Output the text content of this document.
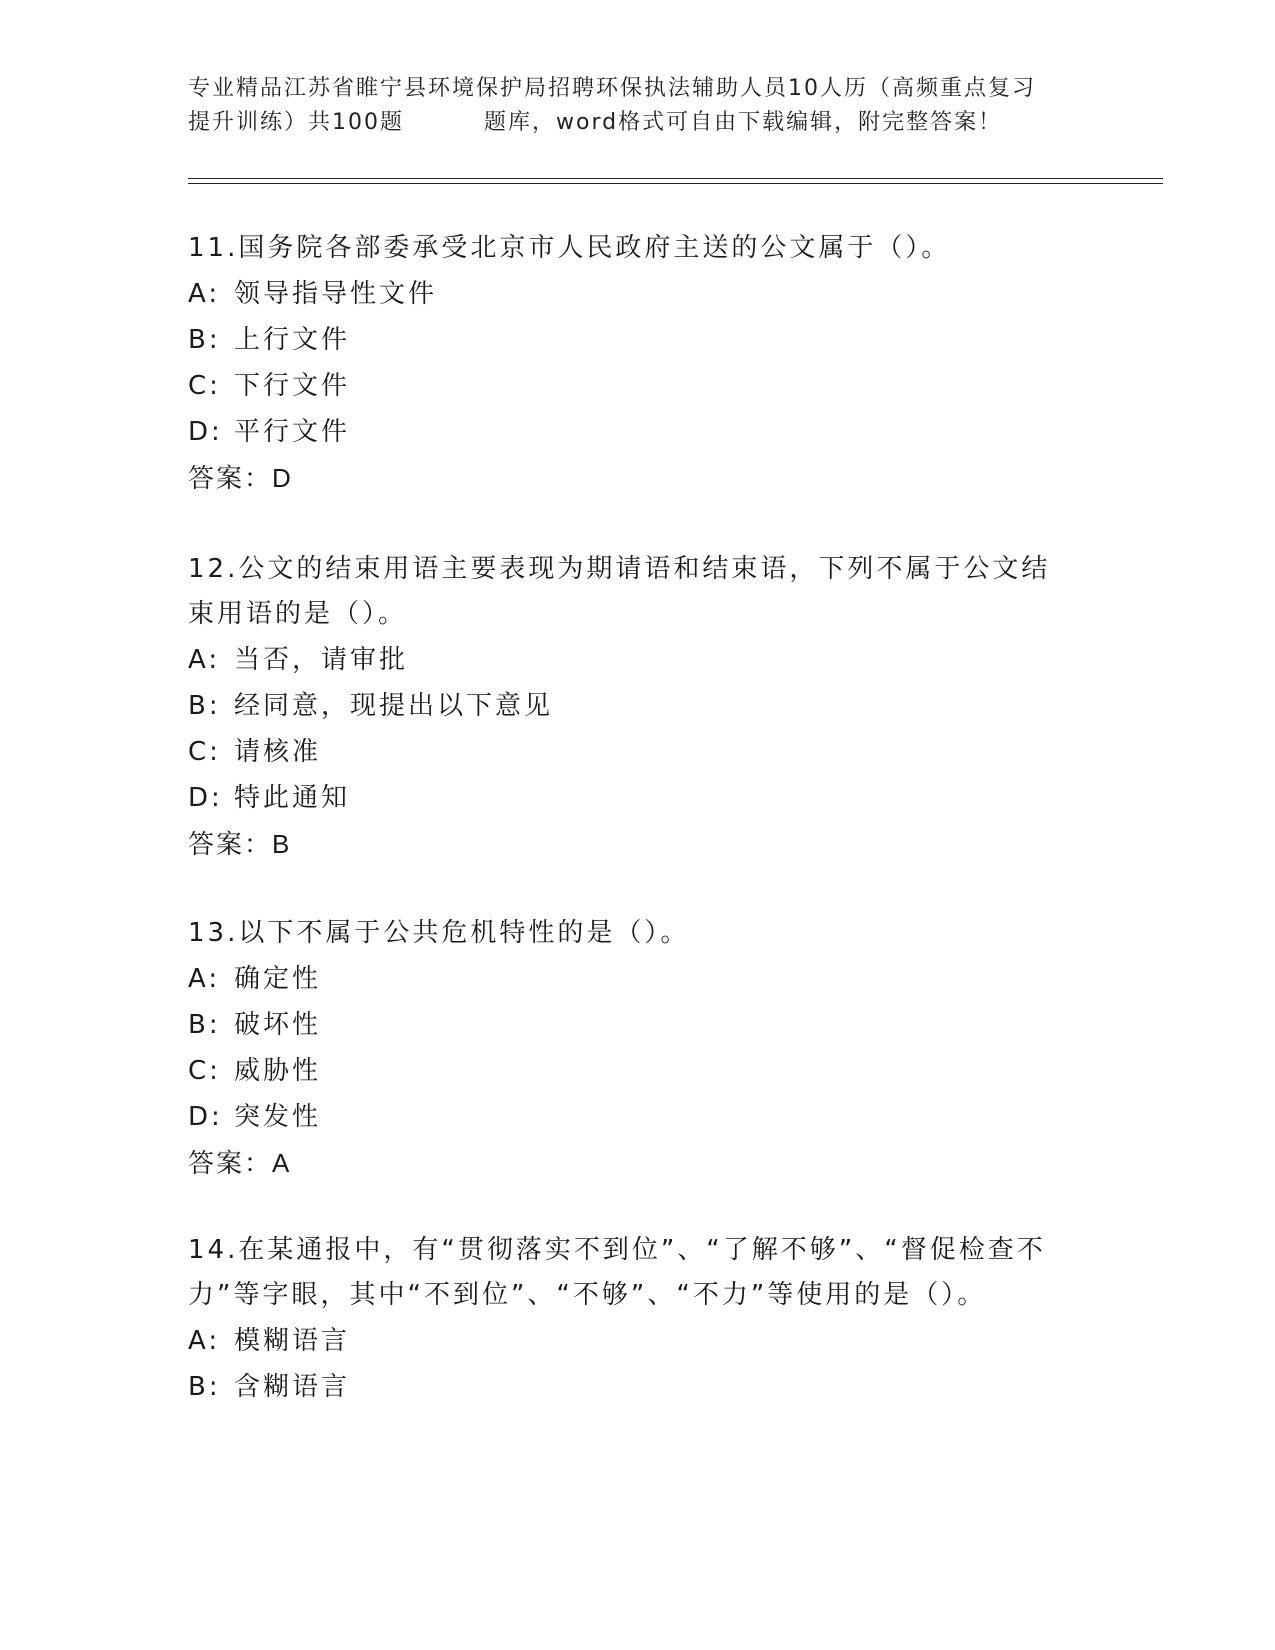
专业精品江苏省睢宁县环境保护局招聘环保执法辅助人员10人历（高频重点复习
提升训练）共100题	题库，word格式可自由下载编辑，附完整答案！
11.国务院各部委承受北京市人民政府主送的公文属于（）。
A: 领导指导性文件
B: 上行文件
C: 下行文件
D: 平行文件
答案：D
12.公文的结束用语主要表现为期请语和结束语，下列不属于公文结束用语的是（）。
A: 当否，请审批
B: 经同意，现提出以下意见
C: 请核准
D: 特此通知
答案：B
13.以下不属于公共危机特性的是（）。
A: 确定性
B: 破坏性
C: 威胁性
D: 突发性
答案：A
14.在某通报中，有“贯彻落实不到位”、“了解不够”、“督促检查不力”等字眼，其中“不到位”、“不够”、“不力”等使用的是（）。
A: 模糊语言
B: 含糊语言
